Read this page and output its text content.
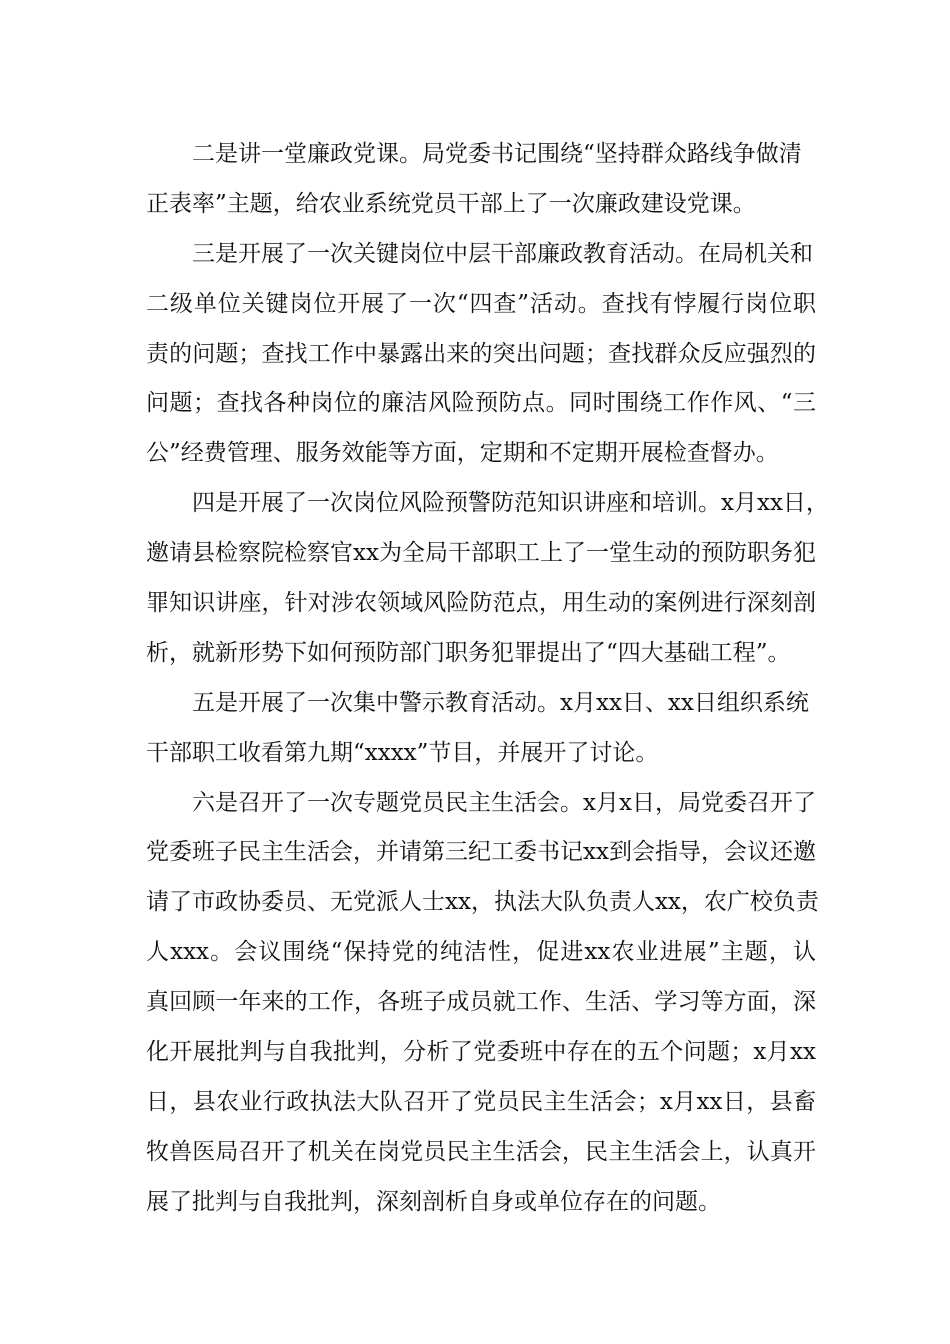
二是讲一堂廉政党课。局党委书记围绕“坚持群众路线争做清
正表率”主题，给农业系统党员干部上了一次廉政建设党课。
三是开展了一次关键岗位中层干部廉政教育活动。在局机关和
二级单位关键岗位开展了一次“四查”活动。查找有悖履行岗位职
责的问题；查找工作中暴露出来的突出问题；查找群众反应强烈的
问题；查找各种岗位的廉洁风险预防点。同时围绕工作作风、“三
公”经费管理、服务效能等方面，定期和不定期开展检查督办。
四是开展了一次岗位风险预警防范知识讲座和培训。x月xx日，
邀请县检察院检察官xx为全局干部职工上了一堂生动的预防职务犯
罪知识讲座，针对涉农领域风险防范点，用生动的案例进行深刻剖
析，就新形势下如何预防部门职务犯罪提出了“四大基础工程”。
五是开展了一次集中警示教育活动。x月xx日、xx日组织系统
干部职工收看第九期“xxxx”节目，并展开了讨论。
六是召开了一次专题党员民主生活会。x月x日，局党委召开了
党委班子民主生活会，并请第三纪工委书记xx到会指导，会议还邀
请了市政协委员、无党派人士xx，执法大队负责人xx，农广校负责
人xxx。会议围绕“保持党的纯洁性，促进xx农业进展”主题，认
真回顾一年来的工作，各班子成员就工作、生活、学习等方面，深
化开展批判与自我批判，分析了党委班中存在的五个问题；x月xx
日，县农业行政执法大队召开了党员民主生活会；x月xx日，县畜
牧兽医局召开了机关在岗党员民主生活会，民主生活会上，认真开
展了批判与自我批判，深刻剖析自身或单位存在的问题。
